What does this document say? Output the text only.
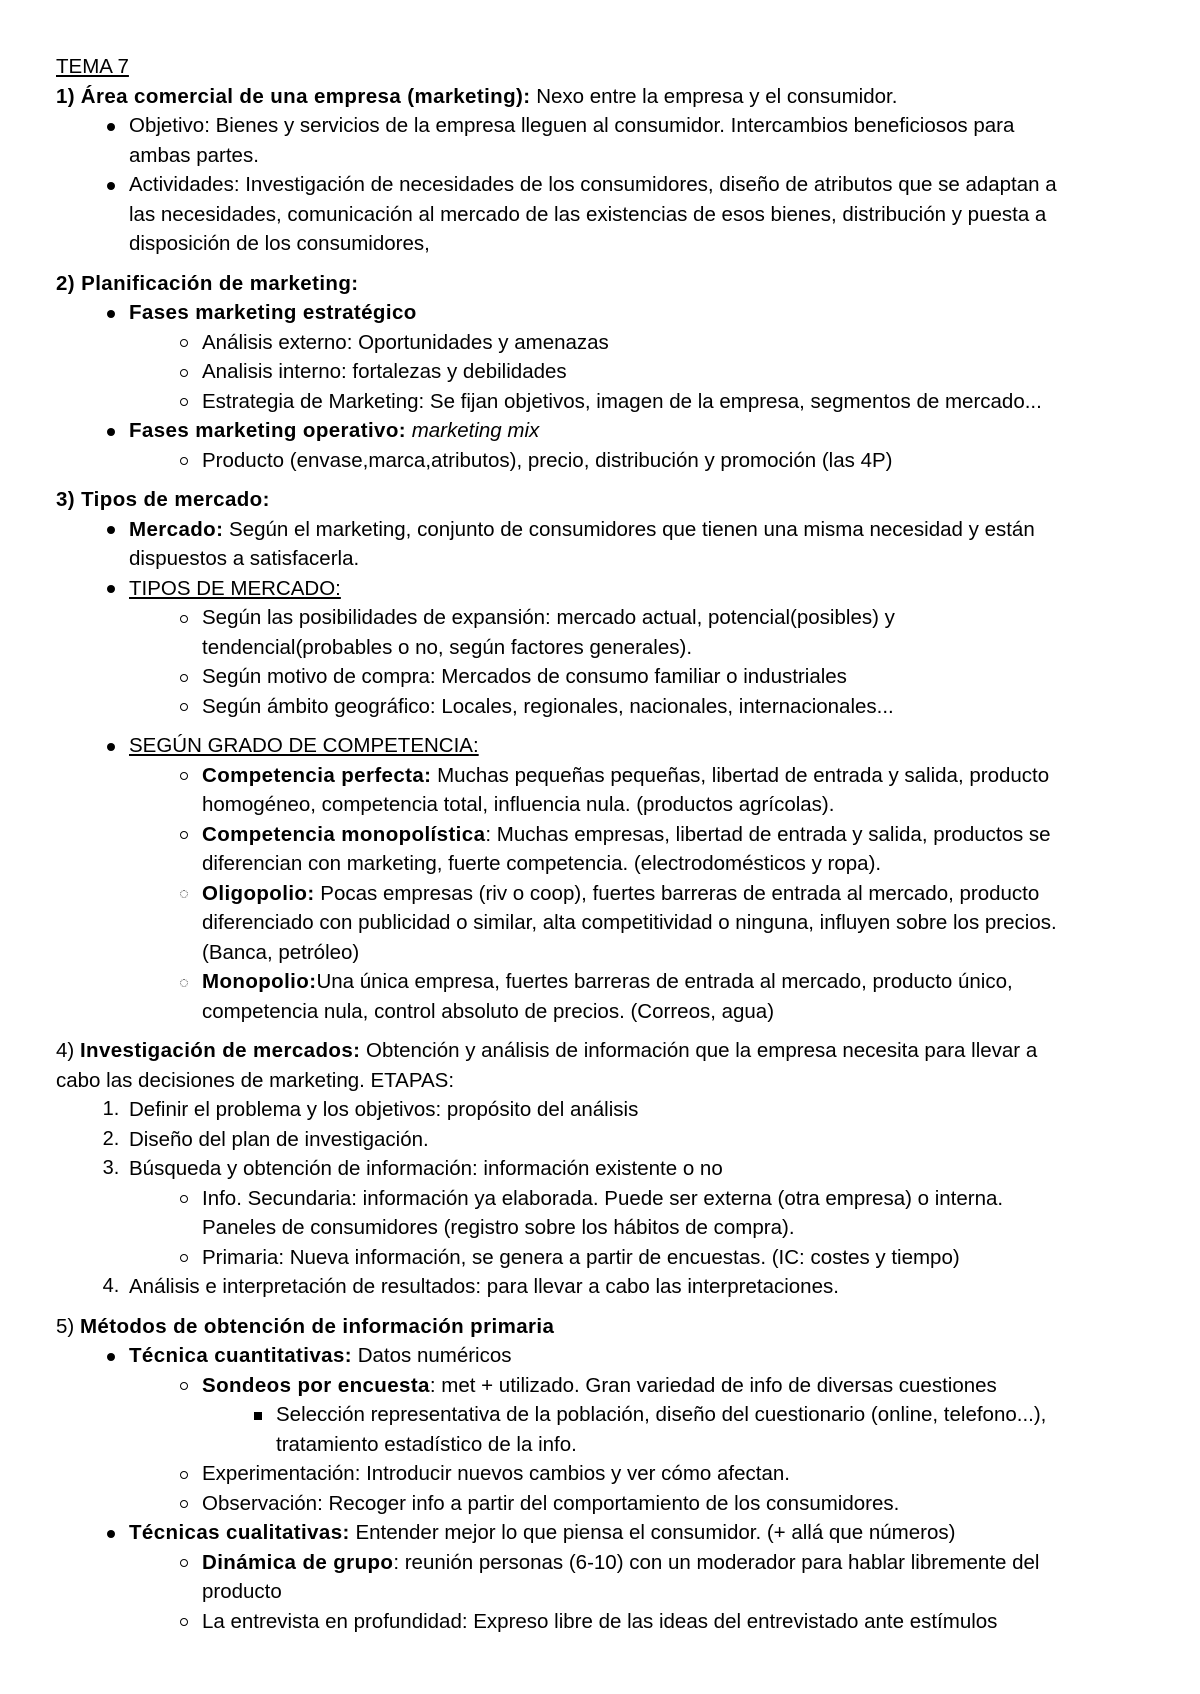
TEMA 7
1) Área comercial de una empresa (marketing): Nexo entre la empresa y el consumidor.
Objetivo: Bienes y servicios de la empresa lleguen al consumidor. Intercambios beneficiosos para
ambas partes.
Actividades: Investigación de necesidades de los consumidores, diseño de atributos que se adaptan a
las necesidades, comunicación al mercado de las existencias de esos bienes, distribución y puesta a
disposición de los consumidores,
2) Planificación de marketing:
Fases marketing estratégico
Análisis externo: Oportunidades y amenazas
Analisis interno: fortalezas y debilidades
Estrategia de Marketing: Se fijan objetivos, imagen de la empresa, segmentos de mercado...
Fases marketing operativo: marketing mix
Producto (envase,marca,atributos), precio, distribución y promoción (las 4P)
3) Tipos de mercado:
Mercado: Según el marketing, conjunto de consumidores que tienen una misma necesidad y están
dispuestos a satisfacerla.
TIPOS DE MERCADO:
Según las posibilidades de expansión: mercado actual, potencial(posibles) y
tendencial(probables o no, según factores generales).
Según motivo de compra: Mercados de consumo familiar o industriales
Según ámbito geográfico: Locales, regionales, nacionales, internacionales...
SEGÚN GRADO DE COMPETENCIA:
Competencia perfecta: Muchas pequeñas pequeñas, libertad de entrada y salida, producto
homogéneo, competencia total, influencia nula. (productos agrícolas).
Competencia monopolística: Muchas empresas, libertad de entrada y salida, productos se
diferencian con marketing, fuerte competencia. (electrodomésticos y ropa).
Oligopolio: Pocas empresas (riv o coop), fuertes barreras de entrada al mercado, producto
diferenciado con publicidad o similar, alta competitividad o ninguna, influyen sobre los precios.
(Banca, petróleo)
Monopolio:Una única empresa, fuertes barreras de entrada al mercado, producto único,
competencia nula, control absoluto de precios. (Correos, agua)
4) Investigación de mercados: Obtención y análisis de información que la empresa necesita para llevar a
cabo las decisiones de marketing. ETAPAS:
1. Definir el problema y los objetivos: propósito del análisis
2. Diseño del plan de investigación.
3. Búsqueda y obtención de información: información existente o no
Info. Secundaria: información ya elaborada. Puede ser externa (otra empresa) o interna.
Paneles de consumidores (registro sobre los hábitos de compra).
Primaria: Nueva información, se genera a partir de encuestas. (IC: costes y tiempo)
4. Análisis e interpretación de resultados: para llevar a cabo las interpretaciones.
5) Métodos de obtención de información primaria
Técnica cuantitativas: Datos numéricos
Sondeos por encuesta: met + utilizado. Gran variedad de info de diversas cuestiones
Selección representativa de la población, diseño del cuestionario (online, telefono...),
tratamiento estadístico de la info.
Experimentación: Introducir nuevos cambios y ver cómo afectan.
Observación: Recoger info a partir del comportamiento de los consumidores.
Técnicas cualitativas: Entender mejor lo que piensa el consumidor. (+ allá que números)
Dinámica de grupo: reunión personas (6-10) con un moderador para hablar libremente del
producto
La entrevista en profundidad: Expreso libre de las ideas del entrevistado ante estímulos
